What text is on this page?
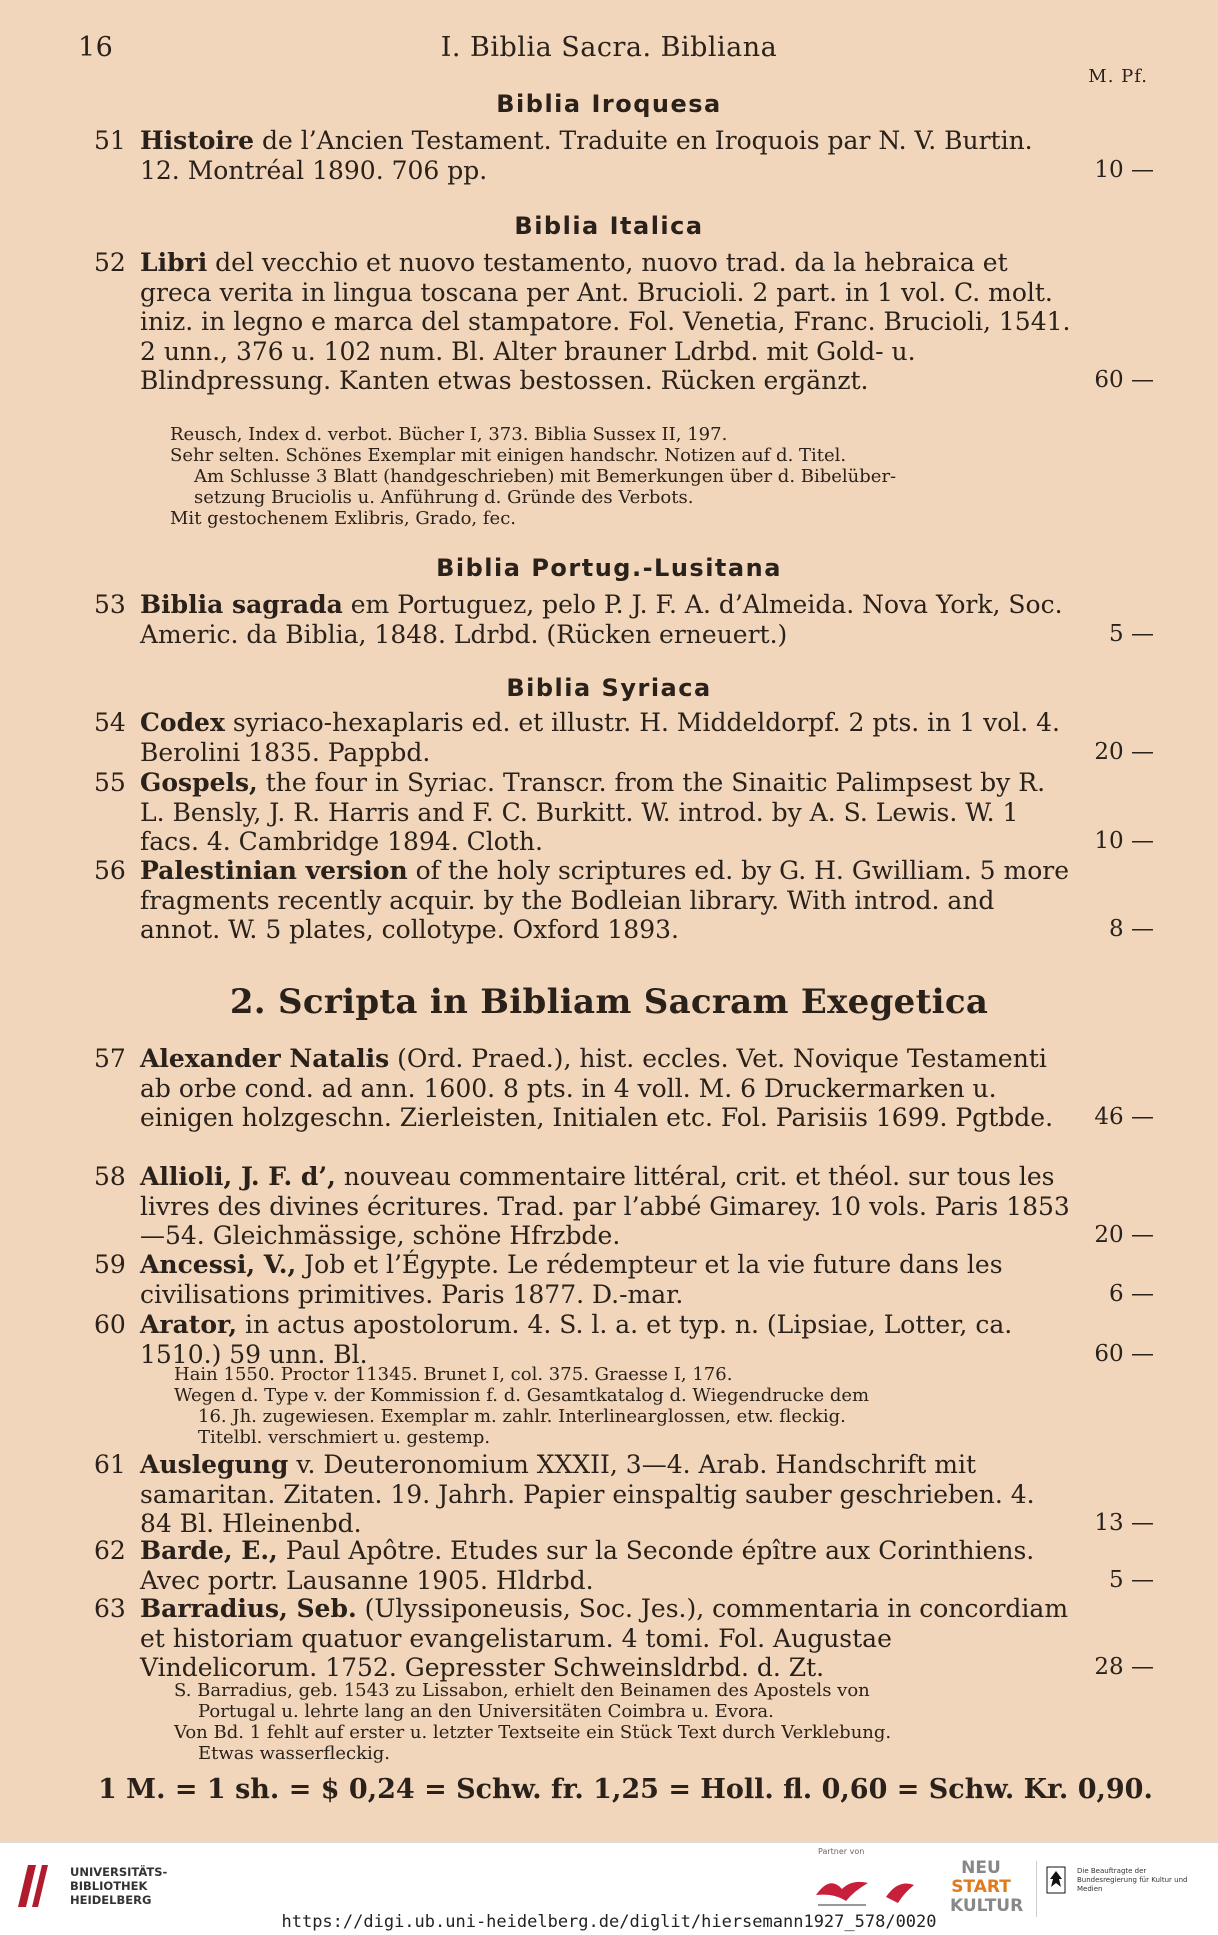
16	I. Biblia Sacra. Bibliana
M. Pf.
Biblia Iroquesa
51 Histoire de l’Ancien Testament. Traduite en Iroquois par N. V. Burtin. 12. Montréal 1890. 706 pp.	10 —
Biblia Italica
52 Libri del vecchio et nuovo testamento, nuovo trad. da la hebraica et greca verita in lingua toscana per Ant. Brucioli. 2 part. in 1 vol. C. molt. iniz. in legno e marca del stampatore. Fol. Venetia, Franc. Brucioli, 1541. 2 unn., 376 u. 102 num. Bl. Alter brauner Ldrbd. mit Gold- u. Blindpressung. Kanten etwas bestossen. Rücken ergänzt.	60 —
Reusch, Index d. verbot. Bücher I, 373. Biblia Sussex II, 197.
Sehr selten. Schönes Exemplar mit einigen handschr. Notizen auf d. Titel.
Am Schlusse 3 Blatt (handgeschrieben) mit Bemerkungen über d. Bibelüber-
setzung Bruciolis u. Anführung d. Gründe des Verbots.
Mit gestochenem Exlibris, Grado, fec.
Biblia Portug.-Lusitana
53 Biblia sagrada em Portuguez, pelo P. J. F. A. d’Almeida. Nova York, Soc. Americ. da Biblia, 1848. Ldrbd. (Rücken erneuert.)	5 —
Biblia Syriaca
54 Codex syriaco-hexaplaris ed. et illustr. H. Middeldorpf. 2 pts. in 1 vol. 4. Berolini 1835. Pappbd.	20 —
55 Gospels, the four in Syriac. Transcr. from the Sinaitic Palimpsest by R. L. Bensly, J. R. Harris and F. C. Burkitt. W. introd. by A. S. Lewis. W. 1 facs. 4. Cambridge 1894. Cloth.	10 —
56 Palestinian version of the holy scriptures ed. by G. H. Gwilliam. 5 more fragments recently acquir. by the Bodleian library. With introd. and annot. W. 5 plates, collotype. Oxford 1893.	8 —
2. Scripta in Bibliam Sacram Exegetica
57 Alexander Natalis (Ord. Praed.), hist. eccles. Vet. Novique Testamenti ab orbe cond. ad ann. 1600. 8 pts. in 4 voll. M. 6 Druckermarken u. einigen holzgeschn. Zierleisten, Initialen etc. Fol. Parisiis 1699. Pgtbde.	46 —
58 Allioli, J. F. d’, nouveau commentaire littéral, crit. et théol. sur tous les livres des divines écritures. Trad. par l’abbé Gimarey. 10 vols. Paris 1853—54. Gleichmässige, schöne Hfrzbde.	20 —
59 Ancessi, V., Job et l’Égypte. Le rédempteur et la vie future dans les civilisations primitives. Paris 1877. D.-mar.	6 —
60 Arator, in actus apostolorum. 4. S. l. a. et typ. n. (Lipsiae, Lotter, ca. 1510.) 59 unn. Bl.	60 —
Hain 1550. Proctor 11345. Brunet I, col. 375. Graesse I, 176.
Wegen d. Type v. der Kommission f. d. Gesamtkatalog d. Wiegendrucke dem
16. Jh. zugewiesen. Exemplar m. zahlr. Interlinearglossen, etw. fleckig.
Titelbl. verschmiert u. gestemp.
61 Auslegung v. Deuteronomium XXXII, 3—4. Arab. Handschrift mit samaritan. Zitaten. 19. Jahrh. Papier einspaltig sauber geschrieben. 4. 84 Bl. Hleinenbd.	13 —
62 Barde, E., Paul Apôtre. Etudes sur la Seconde épître aux Corinthiens. Avec portr. Lausanne 1905. Hldrbd.	5 —
63 Barradius, Seb. (Ulyssiponeusis, Soc. Jes.), commentaria in concordiam et historiam quatuor evangelistarum. 4 tomi. Fol. Augustae Vindelicorum. 1752. Gepresster Schweinsldrbd. d. Zt.	28 —
S. Barradius, geb. 1543 zu Lissabon, erhielt den Beinamen des Apostels von
Portugal u. lehrte lang an den Universitäten Coimbra u. Evora.
Von Bd. 1 fehlt auf erster u. letzter Textseite ein Stück Text durch Verklebung.
Etwas wasserfleckig.
1 M. = 1 sh. = $ 0,24 = Schw. fr. 1,25 = Holl. fl. 0,60 = Schw. Kr. 0,90.
UNIVERSITÄTS-
BIBLIOTHEK
HEIDELBERG
Partner von
NEU
START
KULTUR
Die Beauftragte der Bundesregierung für Kultur und Medien
https://digi.ub.uni-heidelberg.de/diglit/hiersemann1927_578/0020
